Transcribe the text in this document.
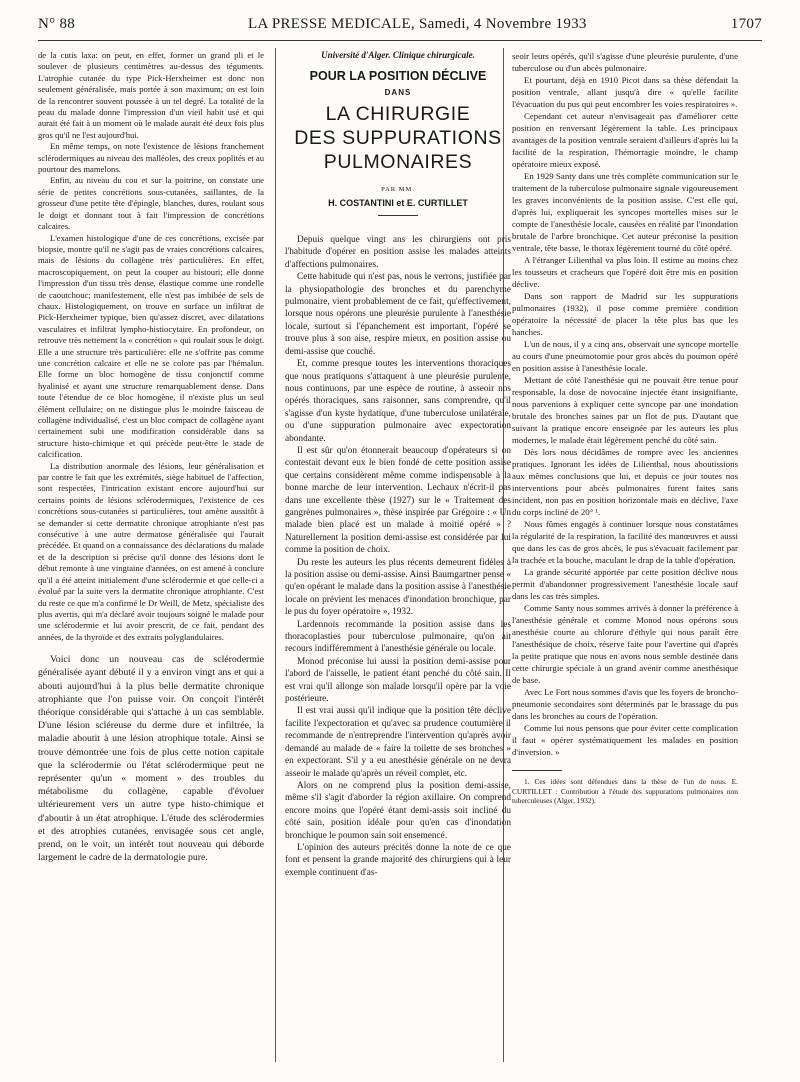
N° 88	LA PRESSE MEDICALE, Samedi, 4 Novembre 1933	1707

de la cutis laxa: on peut, en effet, former un grand pli et le soulever de plusieurs centimètres au-dessus des téguments. L'atrophie cutanée du type Pick-Herxheimer est donc non seulement généralisée, mais portée à son maximum; on est loin de la rencontrer souvent poussée à un tel degré. La totalité de la peau du malade donne l'impression d'un vieil habit usé et qui aurait été fait à un moment où le malade aurait été deux fois plus gros qu'il ne l'est aujourd'hui.

En même temps, on note l'existence de lésions franchement sclérodermiques au niveau des malléoles, des creux poplités et au pourtour des mamelons.

Enfin, au niveau du cou et sur la poitrine, on constate une série de petites concrétions sous-cutanées, saillantes, de la grosseur d'une petite tête d'épingle, blanches, dures, roulant sous le doigt et donnant tout à fait l'impression de concrétions calcaires.

L'examen histologique d'une de ces concrétions, excisée par biopsie, montre qu'il ne s'agit pas de vraies concrétions calcaires, mais de lésions du collagène très particulières. En effet, macroscopiquement, on peut la couper au bistouri; elle donne l'impression d'un tissu très dense, élastique comme une rondelle de caoutchouc; manifestement, elle n'est pas imbibée de sels de chaux. Histologiquement, on trouve en surface un infiltrat de Pick-Herxheimer typique, bien qu'assez discret, avec dilatations vasculaires et infiltrat lympho-histiocytaire. En profondeur, on retrouve très nettement la « concrétion » qui roulait sous le doigt. Elle a une structure très particulière: elle ne s'offrite pas comme une concrétion calcaire et elle ne se colore pas par l'hémalun. Elle forme un bloc homogène de tissu conjonctif comme hyalinisé et ayant une structure remarquablement dense. Dans toute l'étendue de ce bloc homogène, il n'existe plus un seul élément cellulaire; on ne distingue plus le moindre faisceau de collagène individualisé, c'est un bloc compact de collagène ayant certainement subi une modification considérable dans sa structure histo-chimique et qui précède peut-être le stade de calcification.

La distribution anormale des lésions, leur généralisation et par contre le fait que les extrémités, siège habituel de l'affection, sont respectées, l'intrication existant encore aujourd'hui sur certains points de lésions sclérodermiques, l'existence de ces concrétions sous-cutanées si particulières, tout amène aussitôt à se demander si cette dermatite chronique atrophiante n'est pas consécutive à une autre dermatose généralisée qui l'aurait précédée. Et quand on a connaissance des déclarations du malade et de la description si précise qu'il donne des lésions dont le début remonte à une vingtaine d'années, on est amené à conclure qu'il a été atteint initialement d'une sclérodermie et que celle-ci a évolué par la suite vers la dermatite chronique atrophiante. C'est du reste ce que m'a confirmé le Dr Weill, de Metz, spécialiste des plus avertis, qui m'a déclaré avoir toujours soigné le malade pour une sclérodermie et lui avoir prescrit, de ce fait, pendant des années, de la thyroïde et des extraits polyglandulaires.

Voici donc un nouveau cas de sclérodermie généralisée ayant débuté il y a environ vingt ans et qui a abouti aujourd'hui à la plus belle dermatite chronique atrophiante que l'on puisse voir. On conçoit l'intérêt théorique considérable qui s'attache à un cas semblable. D'une lésion scléreuse du derme dure et infiltrée, la maladie aboutit à une lésion atrophique totale. Ainsi se trouve démontrée une fois de plus cette notion capitale que la sclérodermie ou l'état sclérodermique peut ne représenter qu'un « moment » des troubles du métabolisme du collagène, capable d'évoluer ultérieurement vers un autre type histo-chimique et d'aboutir à un état atrophique. L'étude des sclérodermies et des atrophies cutanées, envisagée sous cet angle, prend, on le voit, un intérêt tout nouveau qui déborde largement le cadre de la dermatologie pure.

Université d'Alger. Clinique chirurgicale.

POUR LA POSITION DÉCLIVE
DANS
LA CHIRURGIE
DES SUPPURATIONS
PULMONAIRES
PAR MM.
H. COSTANTINI et E. CURTILLET

Depuis quelque vingt ans les chirurgiens ont pris l'habitude d'opérer en position assise les malades atteints d'affections pulmonaires.

Cette habitude qui n'est pas, nous le verrons, justifiée par la physiopathologie des bronches et du parenchyme pulmonaire, vient probablement de ce fait, qu'effectivement, lorsque nous opérons une pleurésie purulente à l'anesthésie locale, surtout si l'épanchement est important, l'opéré se trouve plus à son aise, respire mieux, en position assise ou demi-assise que couché.

Et, comme presque toutes les interventions thoraciques que nous pratiquons s'attaquent à une pleurésie purulente, nous continuons, par une espèce de routine, à asseoir nos opérés thoraciques, sans raisonner, sans comprendre, qu'il s'agisse d'un kyste hydatique, d'une tuberculose unilatérale, ou d'une suppuration pulmonaire avec expectoration abondante.

Il est sûr qu'on étonnerait beaucoup d'opérateurs si on contestait devant eux le bien fondé de cette position assise que certains considèrent même comme indispensable à la bonne marche de leur intervention. Lechaux n'écrit-il pas dans une excellente thèse (1927) sur le « Traitement des gangrènes pulmonaires », thèse inspirée par Grégoire : « Un malade bien placé est un malade à moitié opéré » ? Naturellement la position demi-assise est considérée par lui comme la position de choix.

Du reste les auteurs les plus récents demeurent fidèles à la position assise ou demi-assise. Ainsi Baumgartner pense « qu'en opérant le malade dans la position assise à l'anesthésie locale on prévient les menaces d'inondation bronchique, par le pus du foyer opératoire », 1932.

Lardennois recommande la position assise dans les thoracoplasties pour tuberculose pulmonaire, qu'on ait recours indifféremment à l'anesthésie générale ou locale.

Monod préconise lui aussi la position demi-assise pour l'abord de l'aisselle, le patient étant penché du côté sain. Il est vrai qu'il allonge son malade lorsqu'il opère par la voie postérieure.

Il est vrai aussi qu'il indique que la position tête déclive facilite l'expectoration et qu'avec sa prudence coutumière il recommande de n'entreprendre l'intervention qu'après avoir demandé au malade de « faire la toilette de ses bronches » en expectorant. S'il y a eu anesthésie générale on ne devra asseoir le malade qu'après un réveil complet, etc.

Alors on ne comprend plus la position demi-assise, même s'il s'agit d'aborder la région axillaire. On comprend encore moins que l'opéré étant demi-assis soit incliné du côté sain, position idéale pour qu'en cas d'inondation bronchique le poumon sain soit ensemencé.

L'opinion des auteurs précités donne la note de ce que font et pensent la grande majorité des chirurgiens qui à leur exemple continuent d'as-

seoir leurs opérés, qu'il s'agisse d'une pleurésie purulente, d'une tuberculose ou d'un abcès pulmonaire.

Et pourtant, déjà en 1910 Picot dans sa thèse défendait la position ventrale, allant jusqu'à dire « qu'elle facilite l'évacuation du pus qui peut encombrer les voies respiratoires ».

Cependant cet auteur n'envisageait pas d'améliorer cette position en renversant légèrement la table. Les principaux avantages de la position ventrale seraient d'ailleurs d'après lui la facilité de la respiration, l'hémorragie moindre, le champ opératoire mieux exposé.

En 1929 Santy dans une très complète communication sur le traitement de la tuberculose pulmonaire signale vigoureusement les graves inconvénients de la position assise. C'est elle qui, d'après lui, expliquerait les syncopes mortelles mises sur le compte de l'anesthésie locale, causées en réalité par l'inondation brutale de l'arbre bronchique. Cet auteur préconise la position ventrale, tête basse, le thorax légèrement tourné du côté opéré.

A l'étranger Lilienthal va plus loin. Il estime au moins chez les tousseurs et cracheurs que l'opéré doit être mis en position déclive.

Dans son rapport de Madrid sur les suppurations pulmonaires (1932), il pose comme première condition opératoire la nécessité de placer la tête plus bas que les hanches.

L'un de nous, il y a cinq ans, observait une syncope mortelle au cours d'une pneumotomie pour gros abcès du poumon opéré en position assise à l'anesthésie locale.

Mettant de côté l'anesthésie qui ne pouvait être tenue pour responsable, la dose de novocaïne injectée étant insignifiante, nous parvenions à expliquer cette syncope par une inondation brutale des bronches saines par un flot de pus. D'autant que suivant la pratique encore enseignée par les auteurs les plus modernes, le malade était légèrement penché du côté sain.

Dès lors nous décidâmes de rompre avec les anciennes pratiques. Ignorant les idées de Lilienthal, nous aboutissions aux mêmes conclusions que lui, et depuis ce jour toutes nos interventions pour abcès pulmonaires furent faites sans incident, non pas en position horizontale mais en déclive, l'axe du corps incliné de 20° ¹.

Nous fûmes engagés à continuer lorsque nous constatâmes la régularité de la respiration, la facilité des manœuvres et aussi que dans les cas de gros abcès, le pus s'évacuait facilement par la trachée et la bouche, maculant le drap de la table d'opération.

La grande sécurité apportée par cette position déclive nous permit d'abandonner progressivement l'anesthésie locale sauf dans les cas très simples.

Comme Santy nous sommes arrivés à donner la préférence à l'anesthésie générale et comme Monod nous opérons sous anesthésie courte au chlorure d'éthyle qui nous paraît être l'anesthésique de choix, réserve faite pour l'avertine qui d'après la petite pratique que nous en avons nous semble destinée dans cette chirurgie spéciale à un grand avenir comme anesthésique de base.

Avec Le Fort nous sommes d'avis que les foyers de broncho-pneumonie secondaires sont déterminés par le brassage du pus dans les bronches au cours de l'opération.

Comme lui nous pensons que pour éviter cette complication il faut « opérer systématiquement les malades en position d'inversion. »

1. Ces idées sont défendues dans la thèse de l'un de nous. E. CURTILLET : Contribution à l'étude des suppurations pulmonaires non tuberculeuses (Alger, 1932).
